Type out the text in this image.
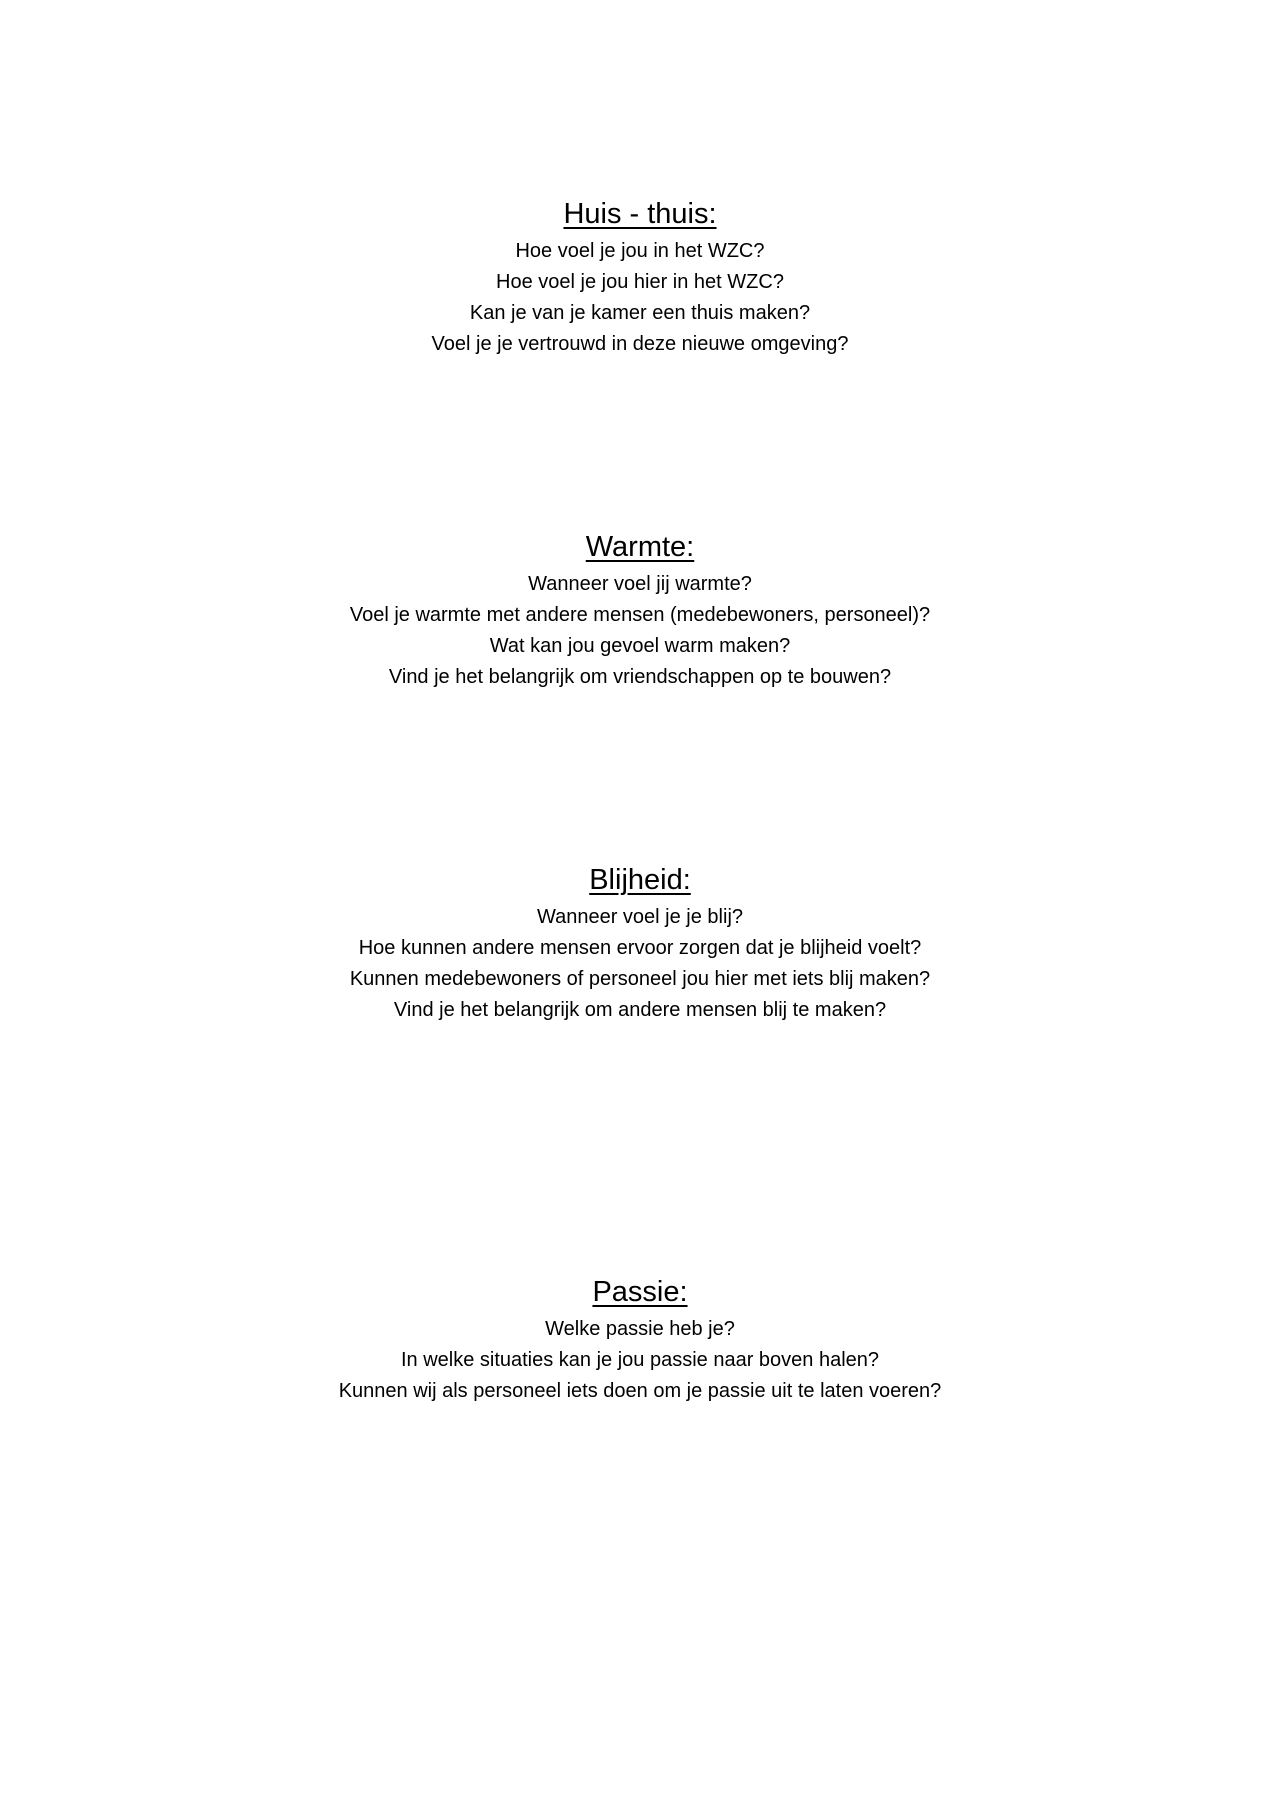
Huis - thuis:

Hoe voel je jou in het WZC?

Hoe voel je jou hier in het WZC?

Kan je van je kamer een thuis maken?

Voel je je vertrouwd in deze nieuwe omgeving?

Warmte:

Wanneer voel jij warmte?

Voel je warmte met andere mensen (medebewoners, personeel)?

Wat kan jou gevoel warm maken?

Vind je het belangrijk om vriendschappen op te bouwen?

Blijheid:

Wanneer voel je je blij?

Hoe kunnen andere mensen ervoor zorgen dat je blijheid voelt?

Kunnen medebewoners of personeel jou hier met iets blij maken?

Vind je het belangrijk om andere mensen blij te maken?

Passie:

Welke passie heb je?

In welke situaties kan je jou passie naar boven halen?

Kunnen wij als personeel iets doen om je passie uit te laten voeren?
